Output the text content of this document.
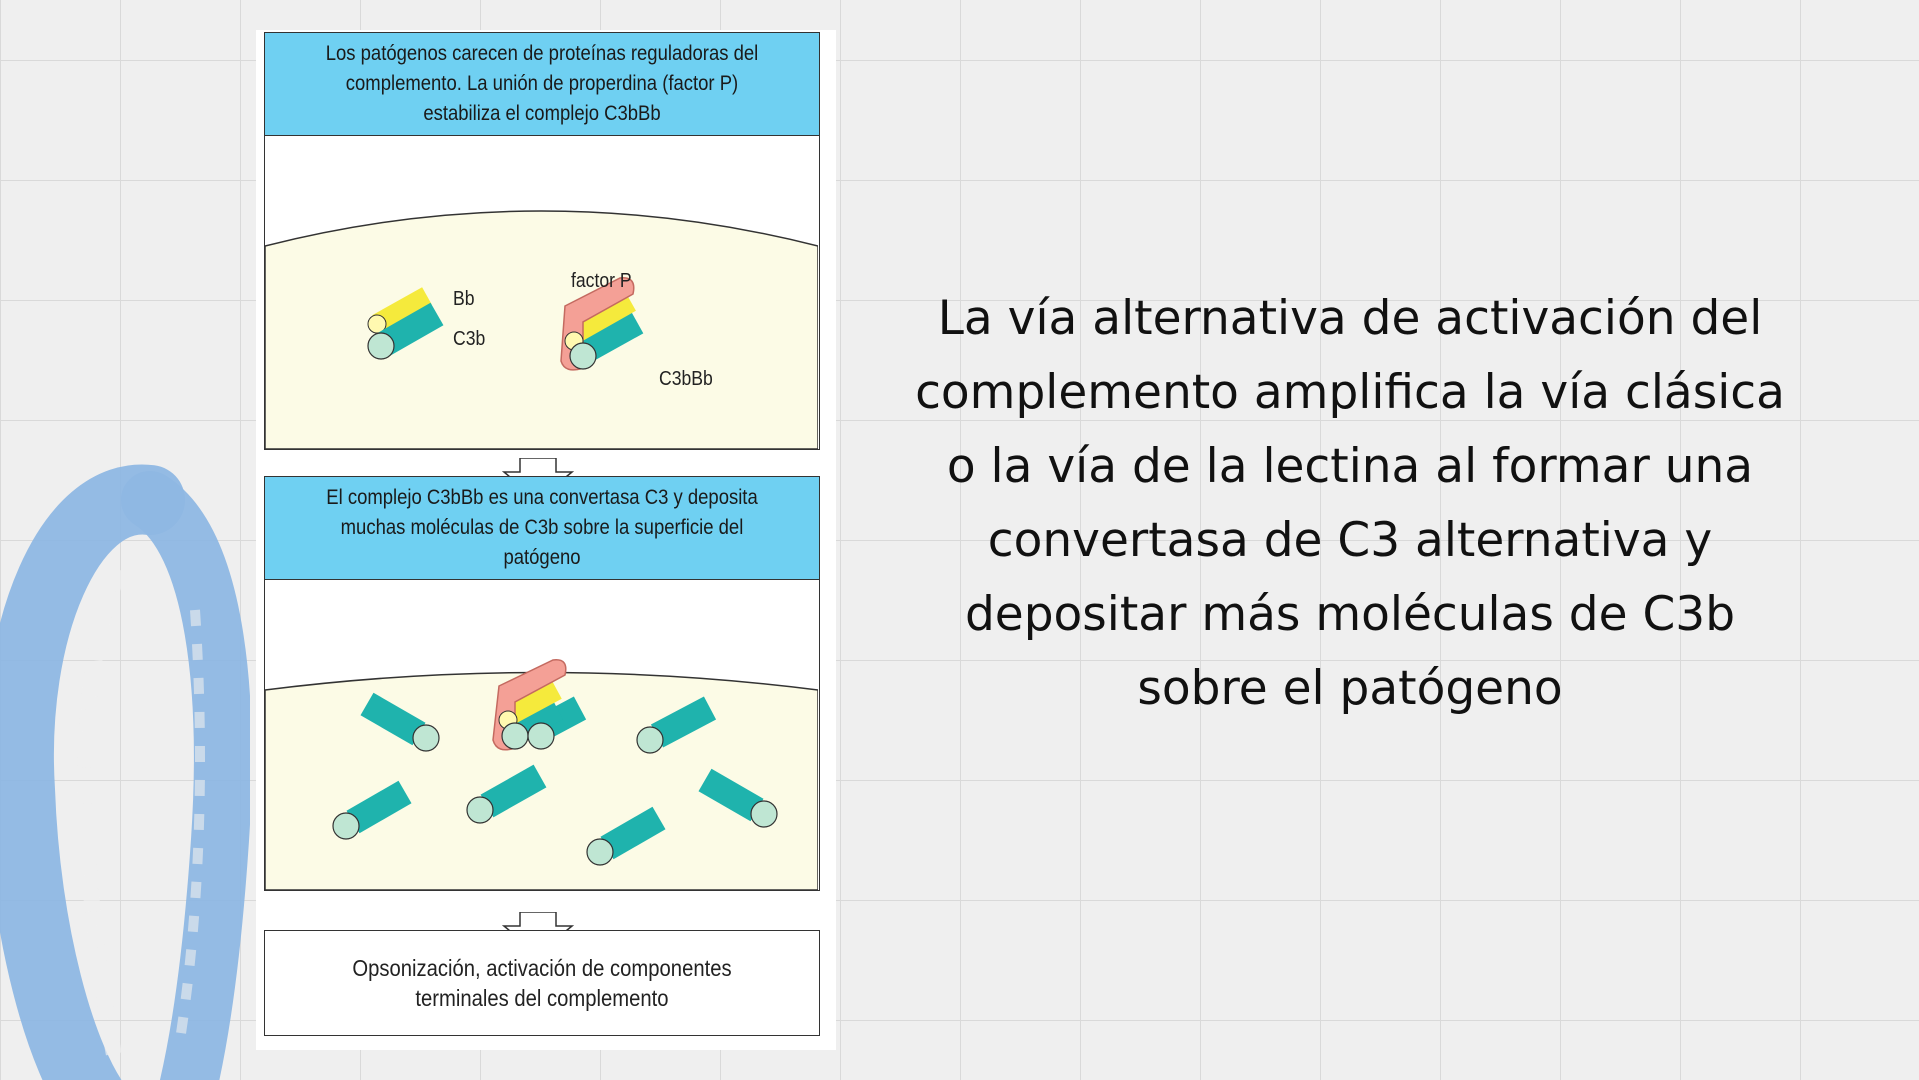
Los patógenos carecen de proteínas reguladoras del complemento. La unión de properdina (factor P) estabiliza el complejo C3bBb
Bb
C3b
factor P
C3bBb
El complejo C3bBb es una convertasa C3 y deposita muchas moléculas de C3b sobre la superficie del patógeno
Opsonización, activación de componentes terminales del complemento
La vía alternativa de activación del complemento amplifica la vía clásica o la vía de la lectina al formar una convertasa de C3 alternativa y depositar más moléculas de C3b sobre el patógeno
